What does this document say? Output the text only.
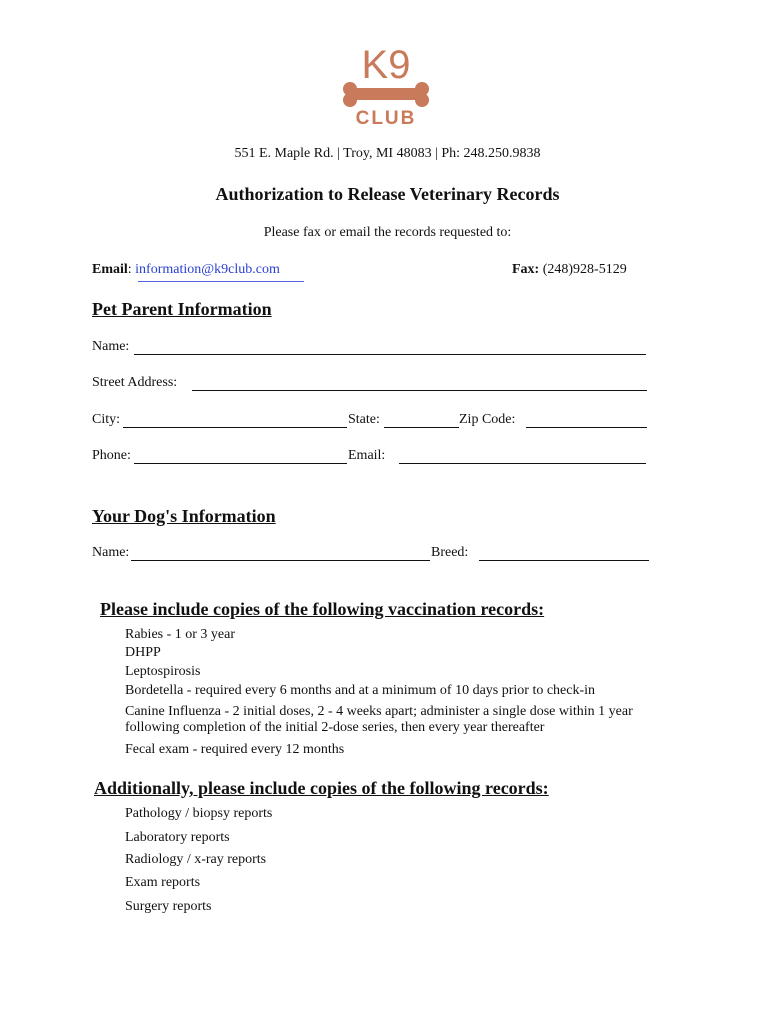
K9
CLUB
551 E. Maple Rd. | Troy, MI 48083 | Ph: 248.250.9838
Authorization to Release Veterinary Records
Please fax or email the records requested to:
Email: information@k9club.com	Fax: (248)928-5129
Pet Parent Information
Name:
Street Address:
City:	State:	Zip Code:
Phone:	Email:
Your Dog's Information
Name:	Breed:
Please include copies of the following vaccination records:
Rabies - 1 or 3 year
DHPP
Leptospirosis
Bordetella - required every 6 months and at a minimum of 10 days prior to check-in
Canine Influenza - 2 initial doses, 2 - 4 weeks apart; administer a single dose within 1 year
following completion of the initial 2-dose series, then every year thereafter
Fecal exam - required every 12 months
Additionally, please include copies of the following records:
Pathology / biopsy reports
Laboratory reports
Radiology / x-ray reports
Exam reports
Surgery reports
